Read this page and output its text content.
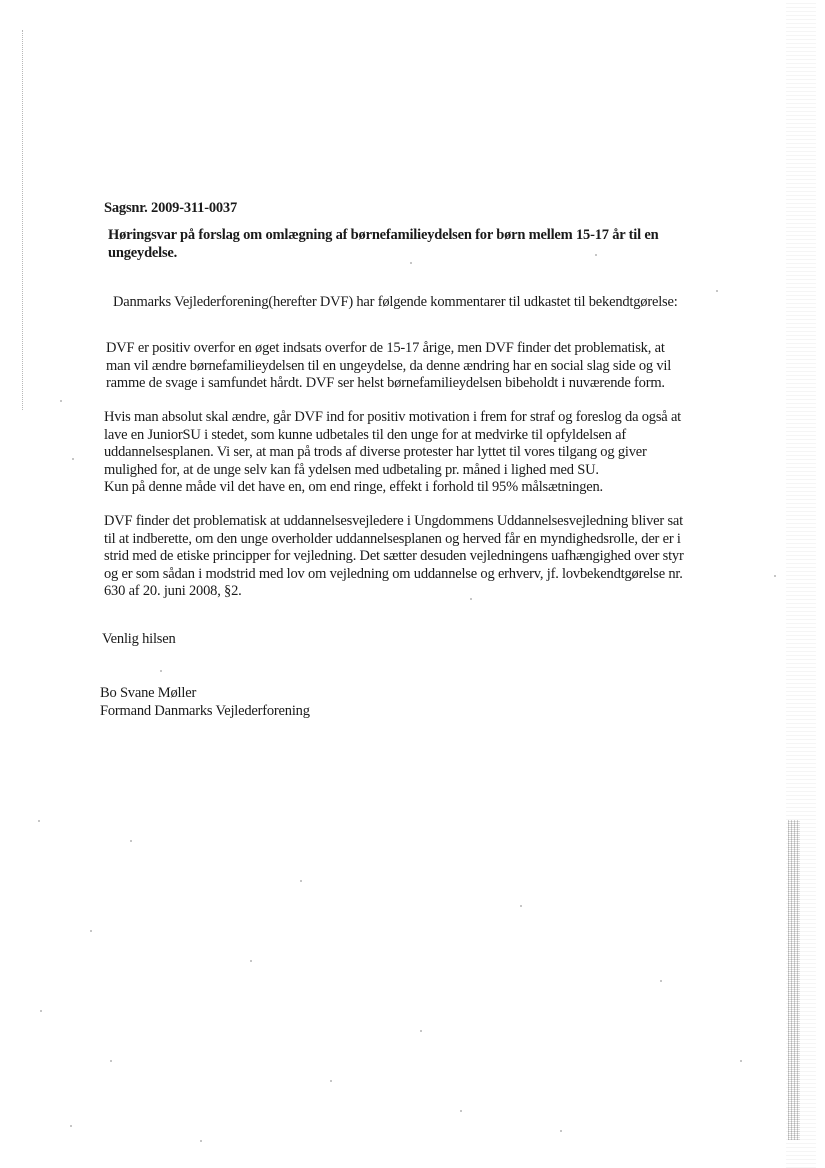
Sagsnr. 2009-311-0037
Høringsvar på forslag om omlægning af børnefamilieydelsen for børn mellem 15-17 år til en
ungeydelse.
Danmarks Vejlederforening(herefter DVF) har følgende kommentarer til udkastet til bekendtgørelse:
DVF er positiv overfor en øget indsats overfor de 15-17 årige, men DVF finder det problematisk, at
man vil ændre børnefamilieydelsen til en ungeydelse, da denne ændring har en social slag side og vil
ramme de svage i samfundet hårdt. DVF ser helst børnefamilieydelsen bibeholdt i nuværende form.
Hvis man absolut skal ændre, går DVF ind for positiv motivation i frem for straf og foreslog da også at
lave en JuniorSU i stedet, som kunne udbetales til den unge for at medvirke til opfyldelsen af
uddannelsesplanen. Vi ser, at man på trods af diverse protester har lyttet til vores tilgang og giver
mulighed for, at de unge selv kan få ydelsen med udbetaling pr. måned i lighed med SU.
Kun på denne måde vil det have en, om end ringe, effekt i forhold til 95% målsætningen.
DVF finder det problematisk at uddannelsesvejledere i Ungdommens Uddannelsesvejledning bliver sat
til at indberette, om den unge overholder uddannelsesplanen og herved får en myndighedsrolle, der er i
strid med de etiske principper for vejledning. Det sætter desuden vejledningens uafhængighed over styr
og er som sådan i modstrid med lov om vejledning om uddannelse og erhverv, jf. lovbekendtgørelse nr.
630 af 20. juni 2008, §2.
Venlig hilsen
Bo Svane Møller
Formand Danmarks Vejlederforening
